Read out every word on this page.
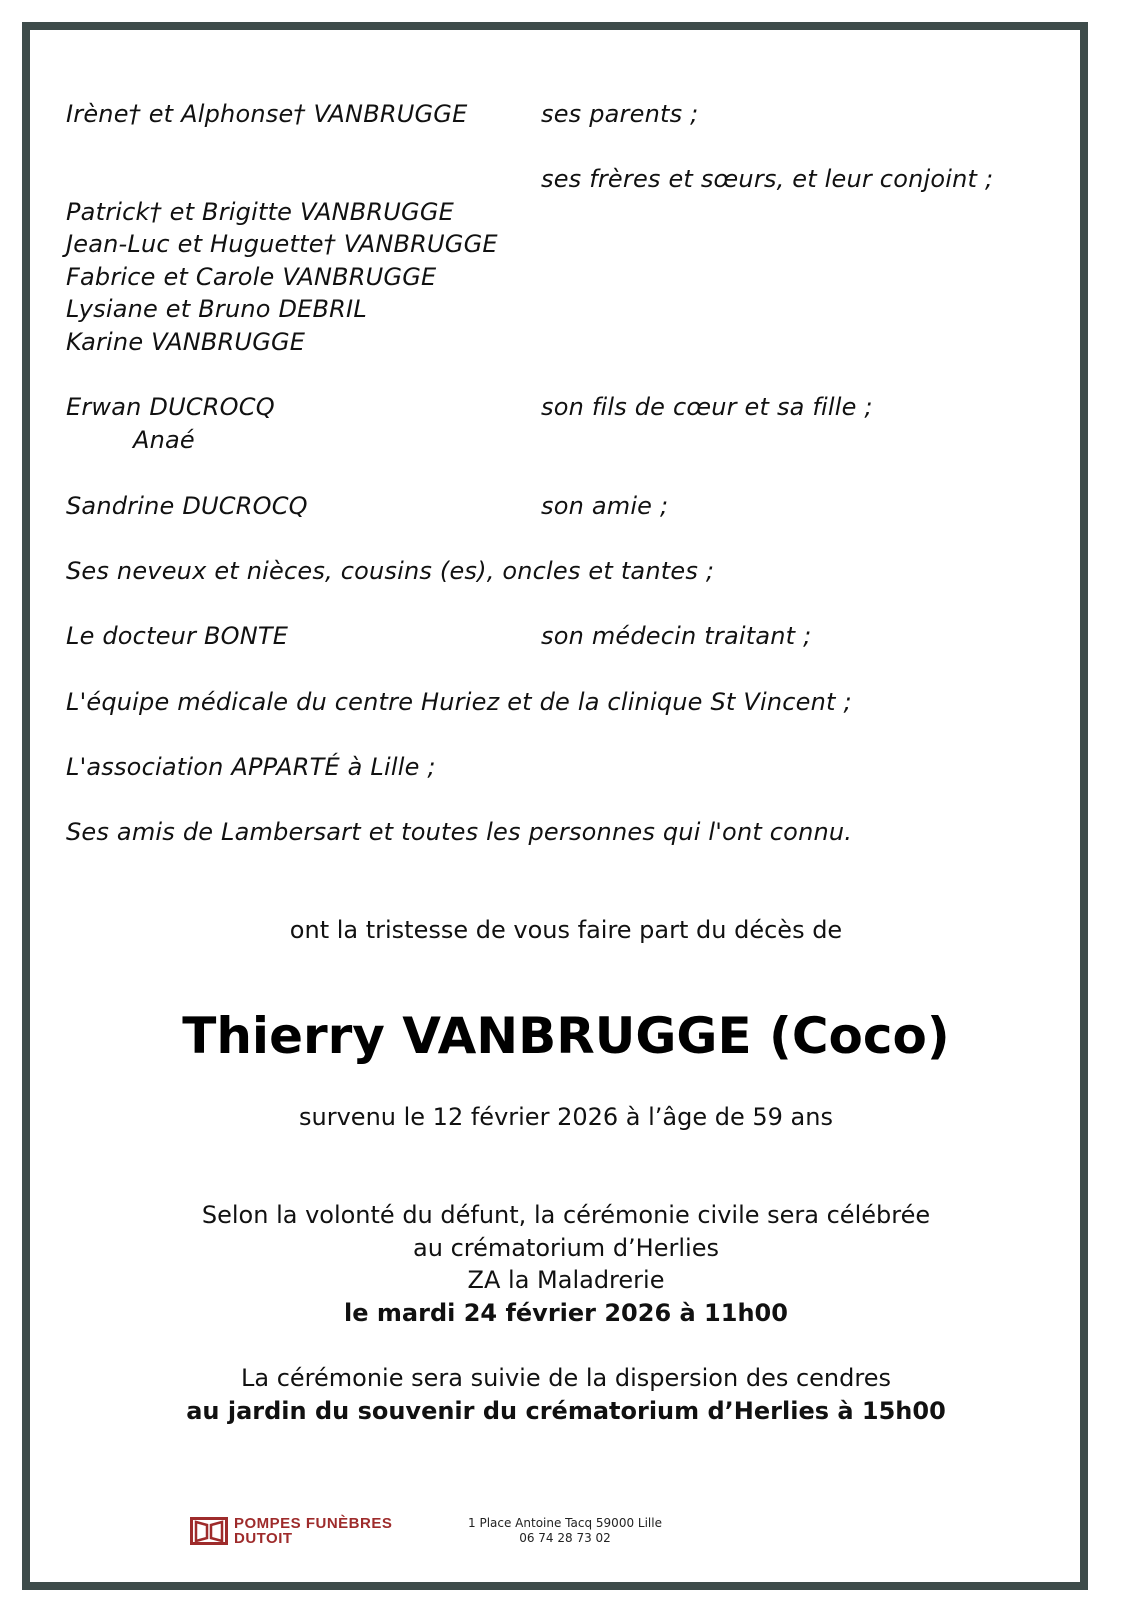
Irène† et Alphonse† VANBRUGGE	ses parents ;
ses frères et sœurs, et leur conjoint ;
Patrick† et Brigitte VANBRUGGE
Jean-Luc et Huguette† VANBRUGGE
Fabrice et Carole VANBRUGGE
Lysiane et Bruno DEBRIL
Karine VANBRUGGE
Erwan DUCROCQ	son fils de cœur et sa fille ;
Anaé
Sandrine DUCROCQ	son amie ;
Ses neveux et nièces, cousins (es), oncles et tantes ;
Le docteur BONTE	son médecin traitant ;
L'équipe médicale du centre Huriez et de la clinique St Vincent ;
L'association APPARTÉ à Lille ;
Ses amis de Lambersart et toutes les personnes qui l'ont connu.
ont la tristesse de vous faire part du décès de
Thierry VANBRUGGE (Coco)
survenu le 12 février 2026 à l’âge de 59 ans
Selon la volonté du défunt, la cérémonie civile sera célébrée
au crématorium d’Herlies
ZA la Maladrerie
le mardi 24 février 2026 à 11h00
La cérémonie sera suivie de la dispersion des cendres
au jardin du souvenir du crématorium d’Herlies à 15h00
POMPES FUNÈBRES
DUTOIT
1 Place Antoine Tacq 59000 Lille
06 74 28 73 02
